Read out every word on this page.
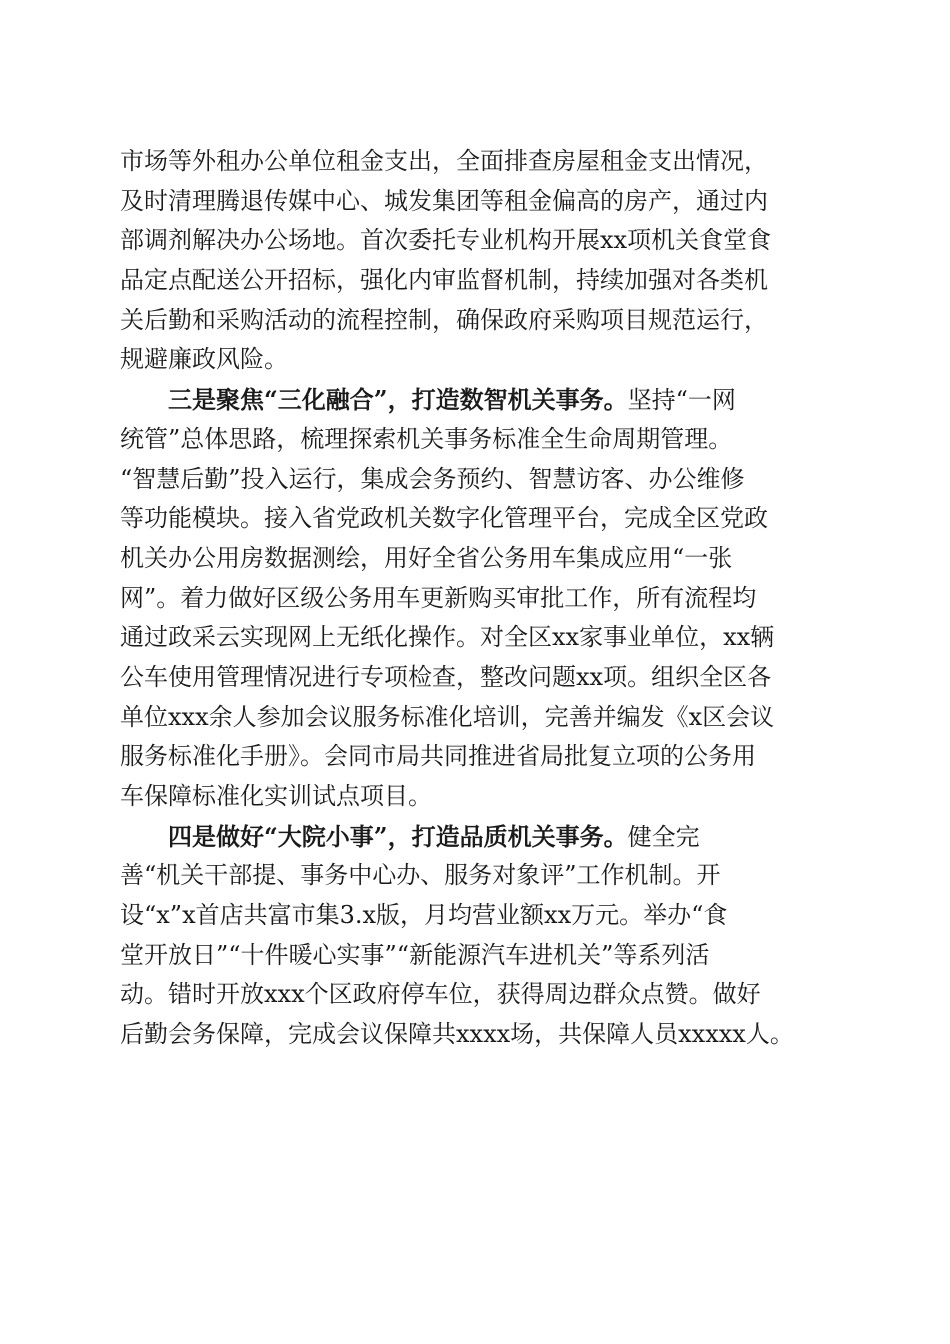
市场等外租办公单位租金支出，全面排查房屋租金支出情况，
及时清理腾退传媒中心、城发集团等租金偏高的房产，通过内
部调剂解决办公场地。首次委托专业机构开展xx项机关食堂食
品定点配送公开招标，强化内审监督机制，持续加强对各类机
关后勤和采购活动的流程控制，确保政府采购项目规范运行，
规避廉政风险。
三是聚焦“三化融合”，打造数智机关事务。坚持“一网
统管”总体思路，梳理探索机关事务标准全生命周期管理。
“智慧后勤”投入运行，集成会务预约、智慧访客、办公维修
等功能模块。接入省党政机关数字化管理平台，完成全区党政
机关办公用房数据测绘，用好全省公务用车集成应用“一张
网”。着力做好区级公务用车更新购买审批工作，所有流程均
通过政采云实现网上无纸化操作。对全区xx家事业单位，xx辆
公车使用管理情况进行专项检查，整改问题xx项。组织全区各
单位xxx余人参加会议服务标准化培训，完善并编发《x区会议
服务标准化手册》。会同市局共同推进省局批复立项的公务用
车保障标准化实训试点项目。
四是做好“大院小事”，打造品质机关事务。健全完
善“机关干部提、事务中心办、服务对象评”工作机制。开
设“x”x首店共富市集3.x版，月均营业额xx万元。举办“食
堂开放日”“十件暖心实事”“新能源汽车进机关”等系列活
动。错时开放xxx个区政府停车位，获得周边群众点赞。做好
后勤会务保障，完成会议保障共xxxx场，共保障人员xxxxx人。
